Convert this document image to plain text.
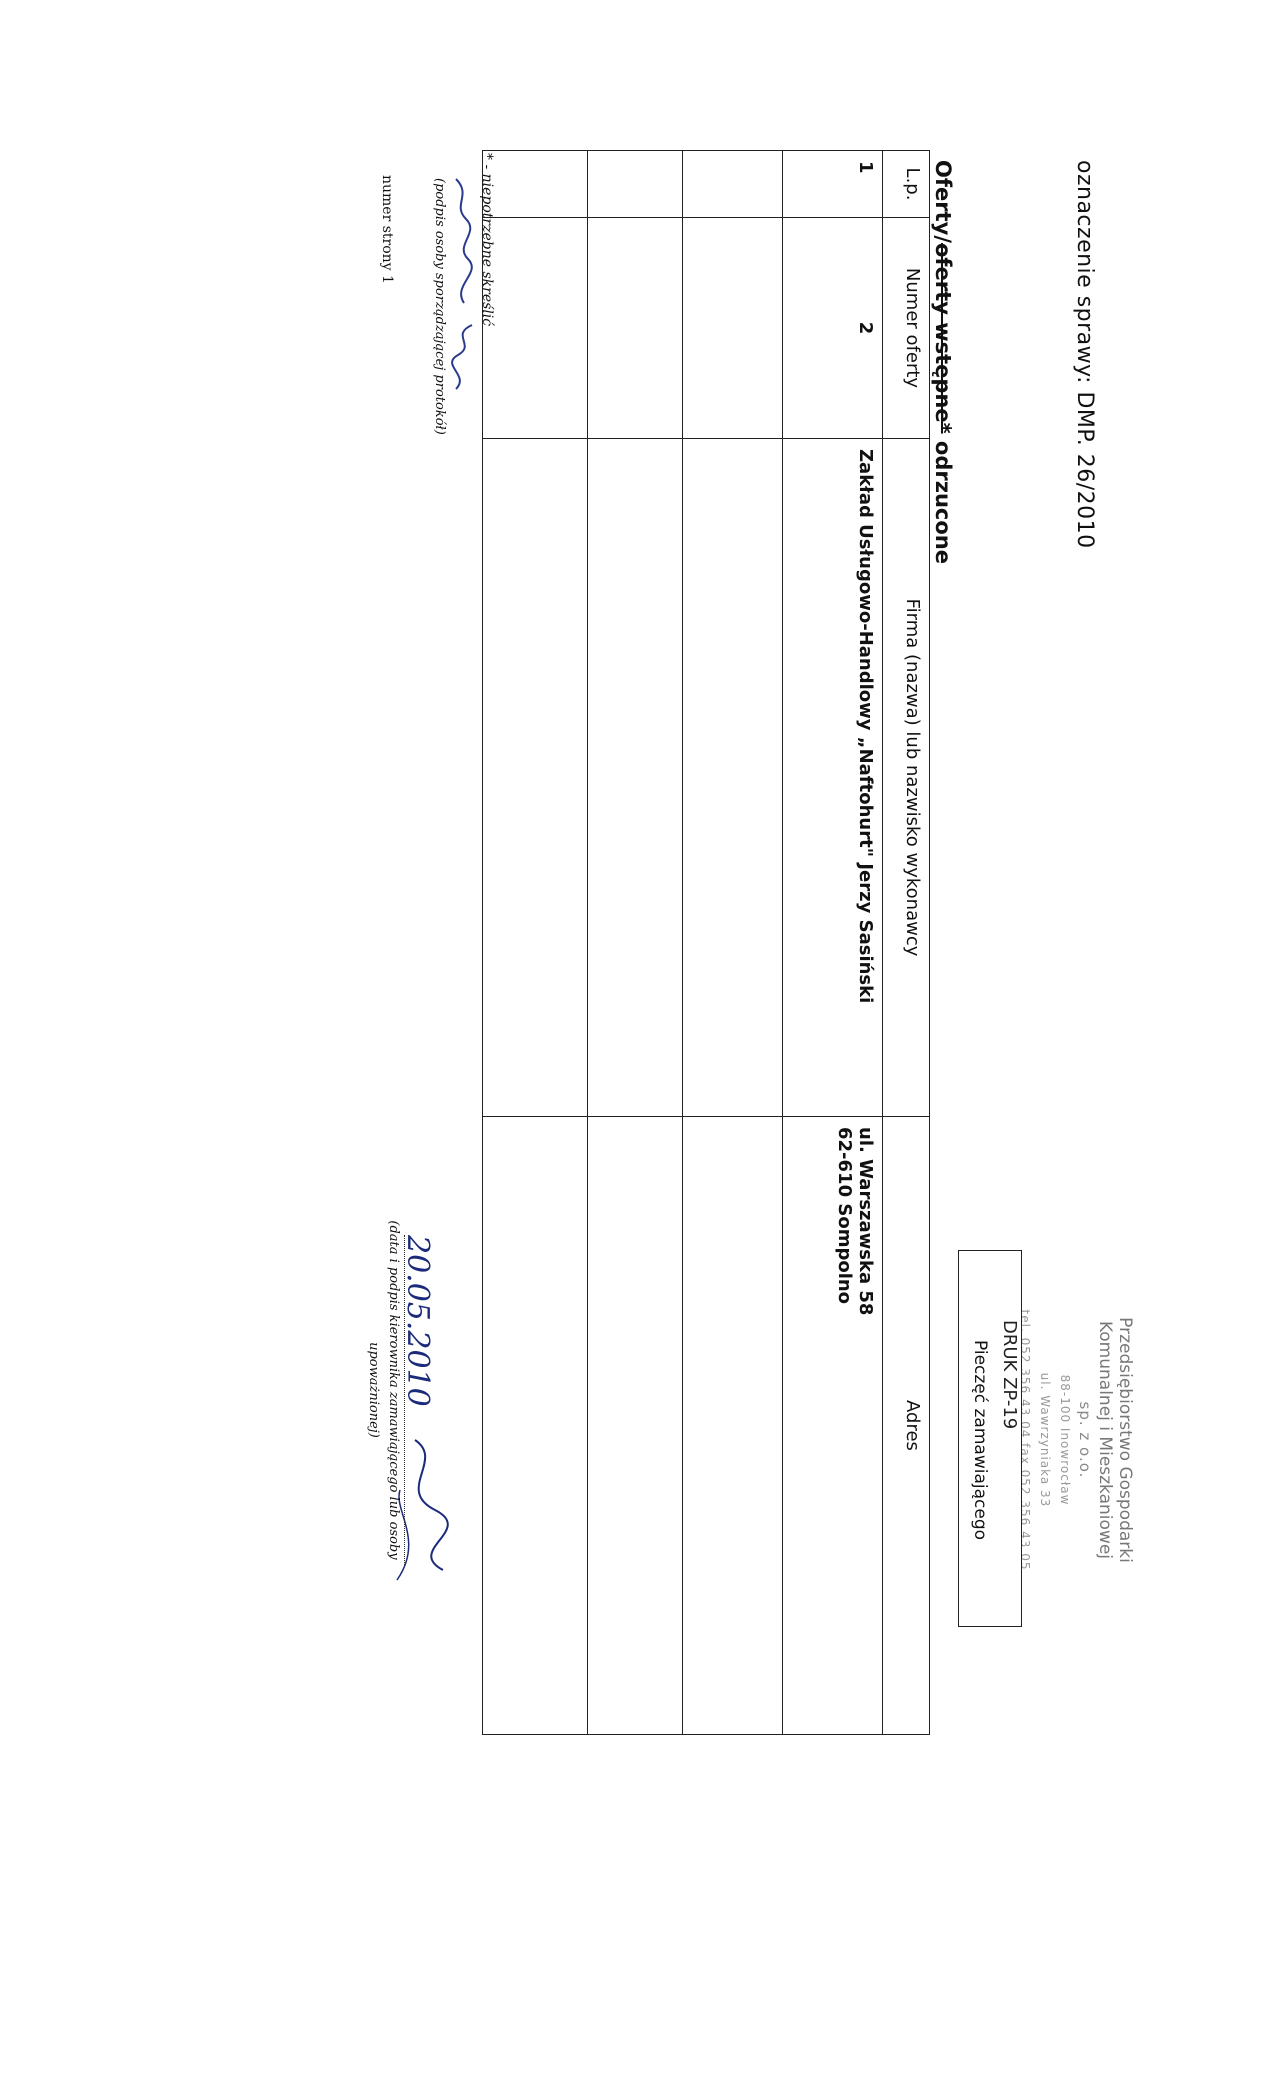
oznaczenie sprawy: DMP. 26/2010
Oferty/oferty wstępne* odrzucone
Przedsiębiorstwo Gospodarki
Komunalnej i Mieszkaniowej
sp. z o.o.
88-100 Inowrocław
ul. Wawrzyniaka 33
tel. 052 356 43 04 fax 052 356 43 05
DRUK ZP-19
Pieczęć zamawiającego
L.p.	Numer oferty	Firma (nazwa) lub nazwisko wykonawcy	Adres
1	2	Zakład Usługowo-Handlowy „Naftohurt" Jerzy Sasiński	ul. Warszawska 58
62-610 Sompolno

* - niepotrzebne skreślić
(podpis osoby sporządzającej protokół)
numer strony 1
20.05.2010
(data i podpis kierownika zamawiającego lub osoby
upoważnionej)
